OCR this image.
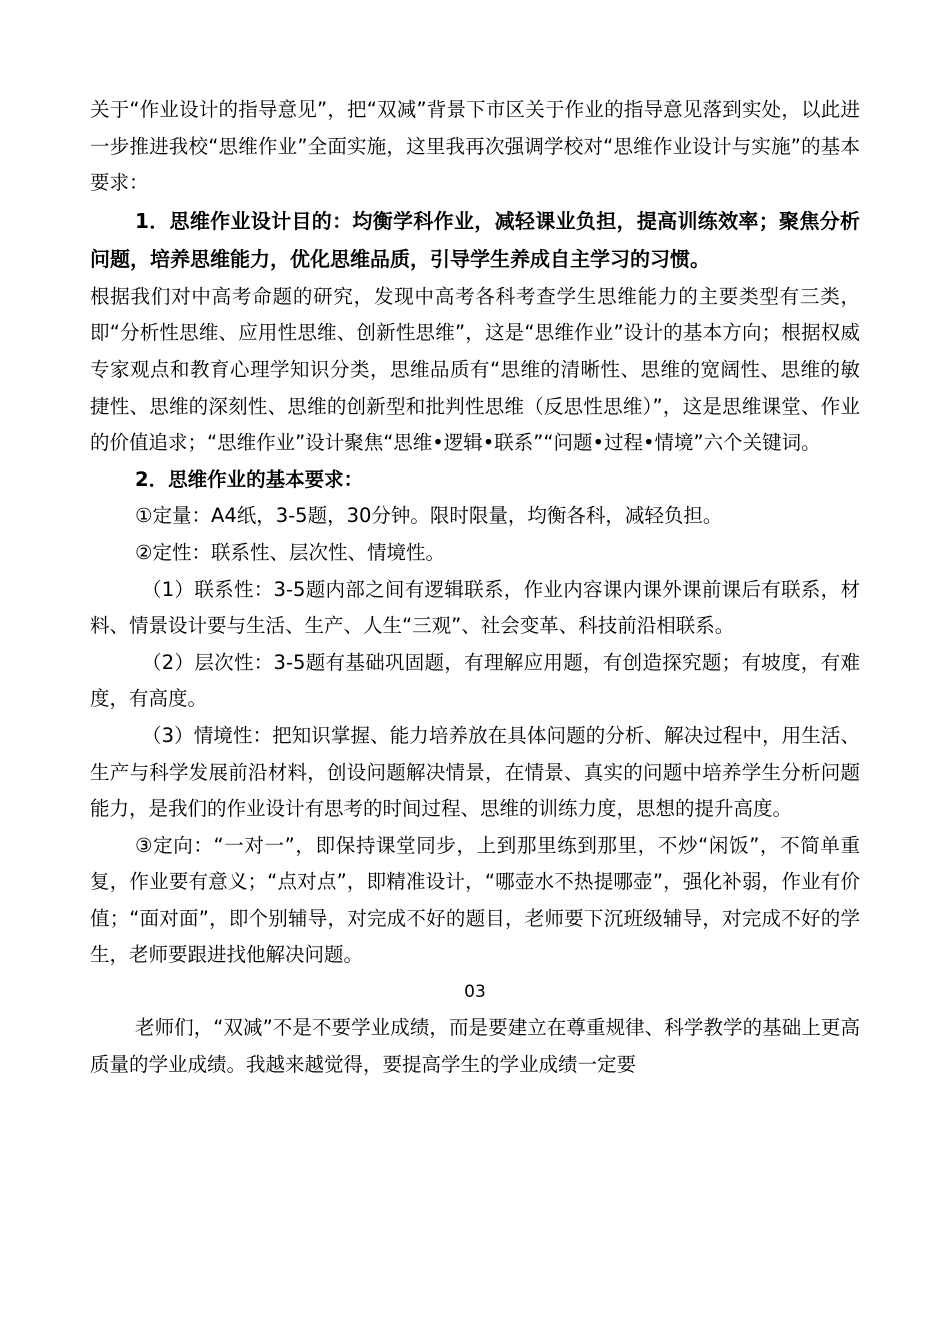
关于“作业设计的指导意见”，把“双减”背景下市区关于作业的指导意见落到实处，以此进一步推进我校“思维作业”全面实施，这里我再次强调学校对“思维作业设计与实施”的基本要求：

1．思维作业设计目的：均衡学科作业，减轻课业负担，提高训练效率；聚焦分析问题，培养思维能力，优化思维品质，引导学生养成自主学习的习惯。

根据我们对中高考命题的研究，发现中高考各科考查学生思维能力的主要类型有三类，即“分析性思维、应用性思维、创新性思维”，这是“思维作业”设计的基本方向；根据权威专家观点和教育心理学知识分类，思维品质有“思维的清晰性、思维的宽阔性、思维的敏捷性、思维的深刻性、思维的创新型和批判性思维（反思性思维）”，这是思维课堂、作业的价值追求；“思维作业”设计聚焦“思维•逻辑•联系”“问题•过程•情境”六个关键词。

2．思维作业的基本要求：

①定量：A4纸，3-5题，30分钟。限时限量，均衡各科，减轻负担。

②定性：联系性、层次性、情境性。

（1）联系性：3-5题内部之间有逻辑联系，作业内容课内课外课前课后有联系，材料、情景设计要与生活、生产、人生“三观”、社会变革、科技前沿相联系。

（2）层次性：3-5题有基础巩固题，有理解应用题，有创造探究题；有坡度，有难度，有高度。

（3）情境性：把知识掌握、能力培养放在具体问题的分析、解决过程中，用生活、生产与科学发展前沿材料，创设问题解决情景，在情景、真实的问题中培养学生分析问题能力，是我们的作业设计有思考的时间过程、思维的训练力度，思想的提升高度。

③定向：“一对一”，即保持课堂同步，上到那里练到那里，不炒“闲饭”，不简单重复，作业要有意义；“点对点”，即精准设计，“哪壶水不热提哪壶”，强化补弱，作业有价值；“面对面”，即个别辅导，对完成不好的题目，老师要下沉班级辅导，对完成不好的学生，老师要跟进找他解决问题。

03

老师们，“双减”不是不要学业成绩，而是要建立在尊重规律、科学教学的基础上更高质量的学业成绩。我越来越觉得，要提高学生的学业成绩一定要
